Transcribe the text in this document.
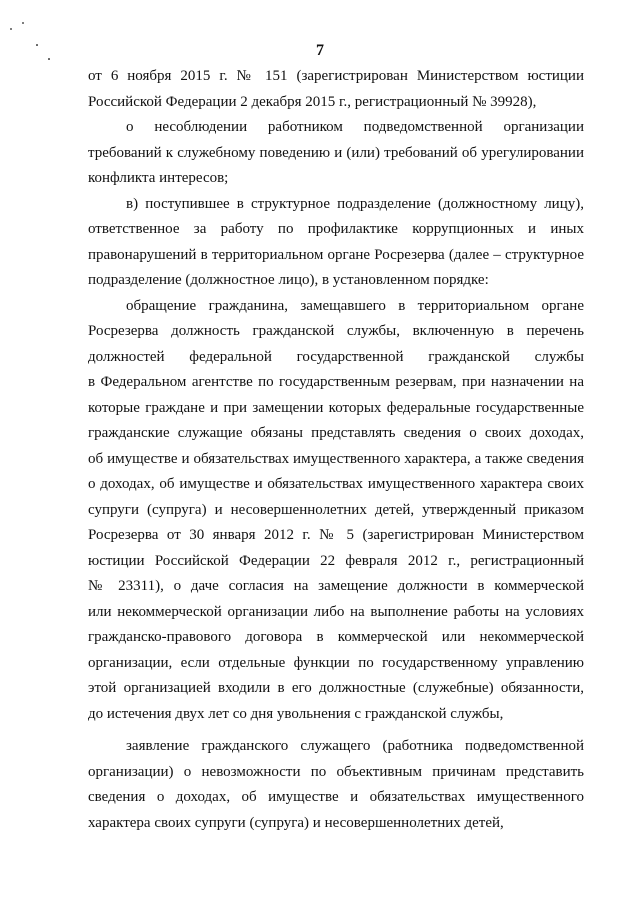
7
от 6 ноября 2015 г. № 151 (зарегистрирован Министерством юстиции
Российской Федерации 2 декабря 2015 г., регистрационный № 39928),
о несоблюдении работником подведомственной организации
требований к служебному поведению и (или) требований об урегулировании
конфликта интересов;
в) поступившее в структурное подразделение (должностному лицу),
ответственное за работу по профилактике коррупционных и иных
правонарушений в территориальном органе Росрезерва (далее – структурное
подразделение (должностное лицо), в установленном порядке:
обращение гражданина, замещавшего в территориальном органе
Росрезерва должность гражданской службы, включенную в перечень
должностей федеральной государственной гражданской службы
в Федеральном агентстве по государственным резервам, при назначении на
которые граждане и при замещении которых федеральные государственные
гражданские служащие обязаны представлять сведения о своих доходах,
об имуществе и обязательствах имущественного характера, а также сведения
о доходах, об имуществе и обязательствах имущественного характера своих
супруги (супруга) и несовершеннолетних детей, утвержденный приказом
Росрезерва от 30 января 2012 г. № 5 (зарегистрирован Министерством
юстиции Российской Федерации 22 февраля 2012 г., регистрационный
№ 23311), о даче согласия на замещение должности в коммерческой
или некоммерческой организации либо на выполнение работы на условиях
гражданско-правового договора в коммерческой или некоммерческой
организации, если отдельные функции по государственному управлению
этой организацией входили в его должностные (служебные) обязанности,
до истечения двух лет со дня увольнения с гражданской службы,
заявление гражданского служащего (работника подведомственной
организации) о невозможности по объективным причинам представить
сведения о доходах, об имуществе и обязательствах имущественного
характера своих супруги (супруга) и несовершеннолетних детей,
